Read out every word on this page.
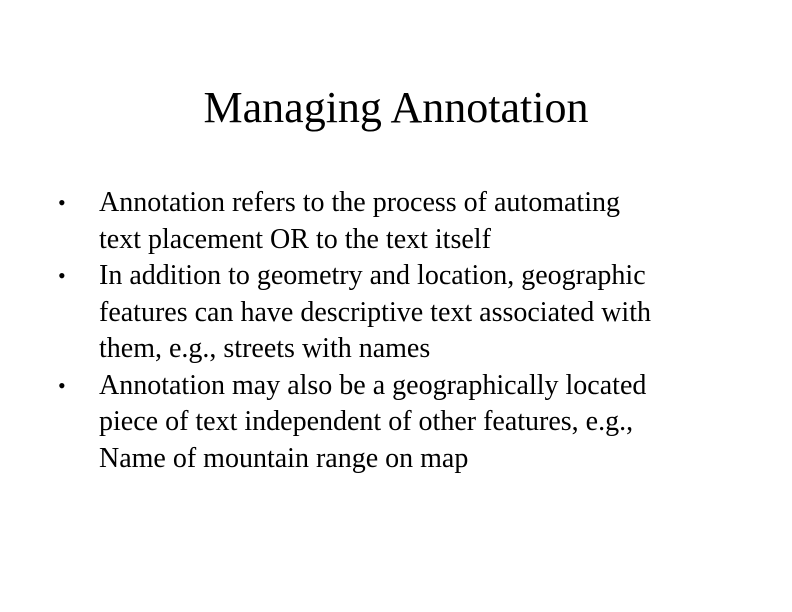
Managing Annotation
•	Annotation refers to the process of automating
text placement OR to the text itself
•	In addition to geometry and location, geographic
features can have descriptive text associated with
them, e.g., streets with names
•	Annotation may also be a geographically located
piece of text independent of other features, e.g.,
Name of mountain range on map
